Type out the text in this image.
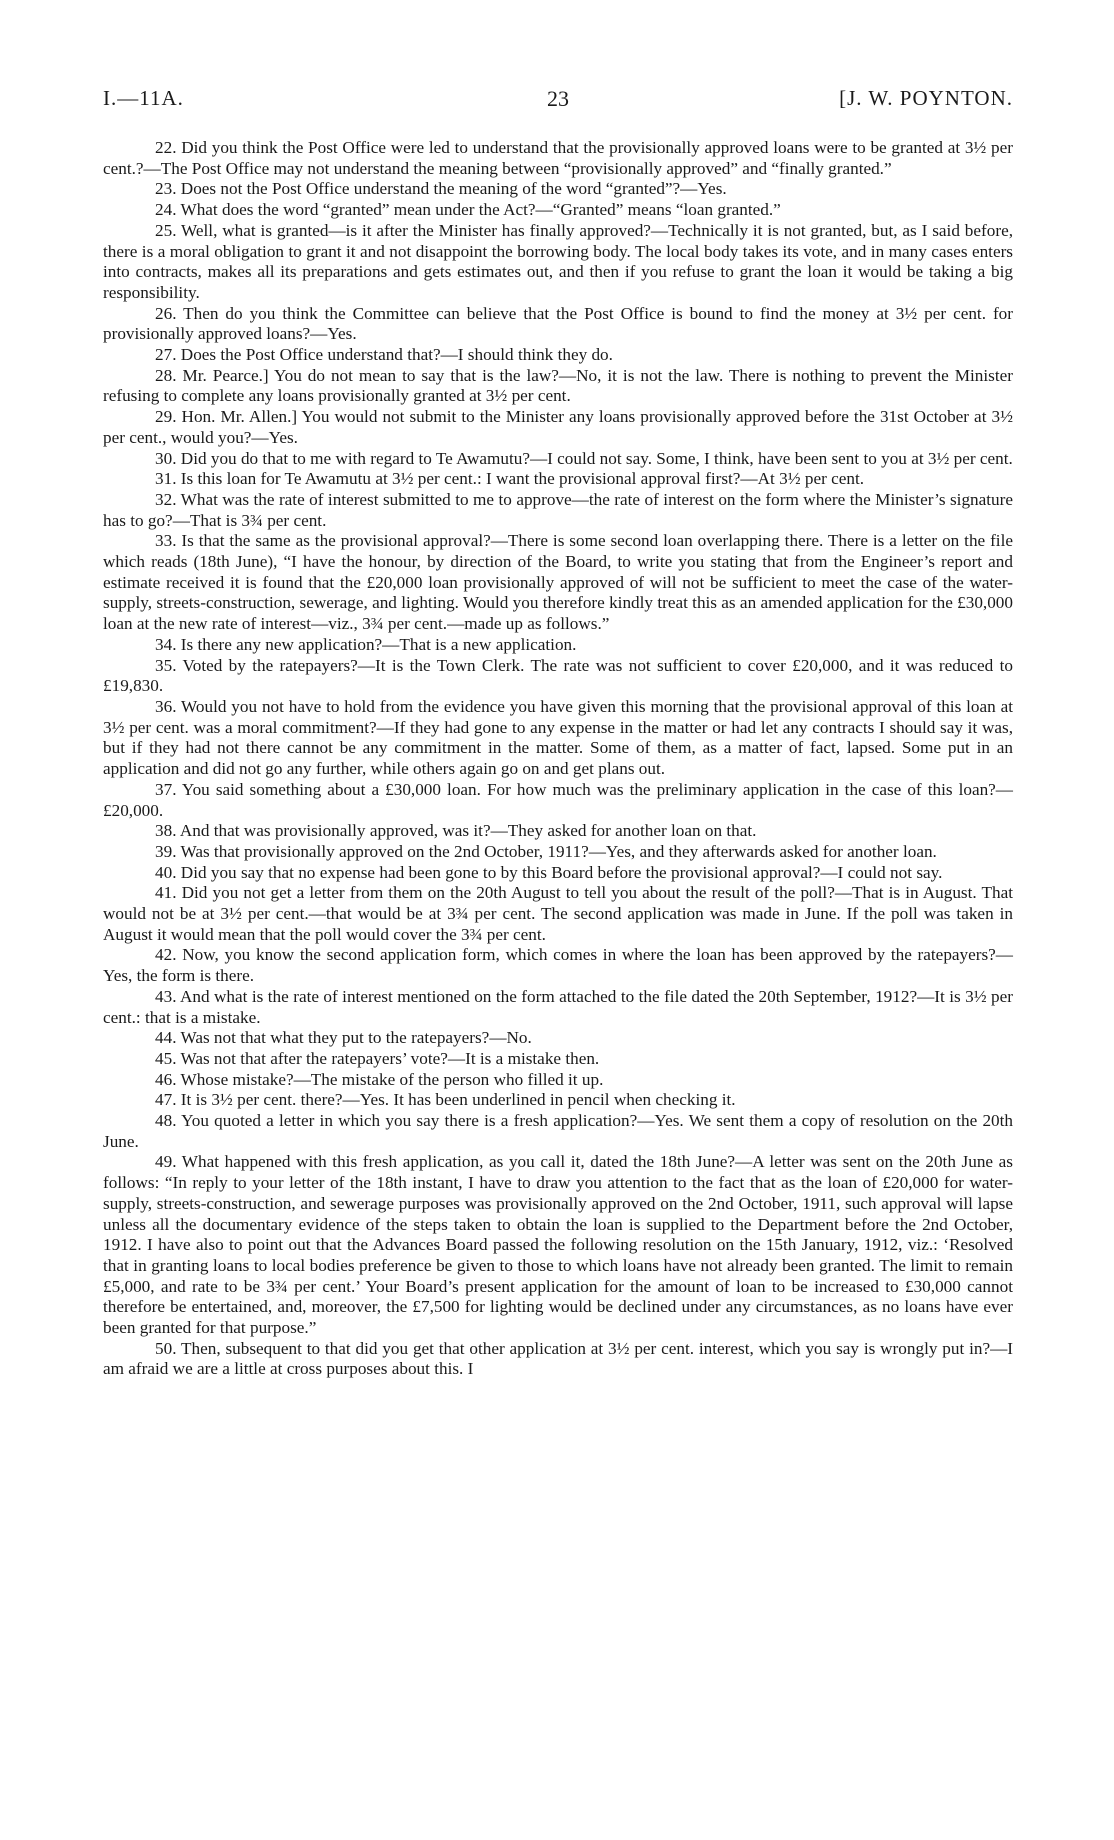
I.—11A.	23	[J. W. POYNTON.

22. Did you think the Post Office were led to understand that the provisionally approved loans were to be granted at 3½ per cent.?—The Post Office may not understand the meaning between “provisionally approved” and “finally granted.”

23. Does not the Post Office understand the meaning of the word “granted”?—Yes.

24. What does the word “granted” mean under the Act?—“Granted” means “loan granted.”

25. Well, what is granted—is it after the Minister has finally approved?—Technically it is not granted, but, as I said before, there is a moral obligation to grant it and not disappoint the borrowing body. The local body takes its vote, and in many cases enters into contracts, makes all its preparations and gets estimates out, and then if you refuse to grant the loan it would be taking a big responsibility.

26. Then do you think the Committee can believe that the Post Office is bound to find the money at 3½ per cent. for provisionally approved loans?—Yes.

27. Does the Post Office understand that?—I should think they do.

28. Mr. Pearce.] You do not mean to say that is the law?—No, it is not the law. There is nothing to prevent the Minister refusing to complete any loans provisionally granted at 3½ per cent.

29. Hon. Mr. Allen.] You would not submit to the Minister any loans provisionally approved before the 31st October at 3½ per cent., would you?—Yes.

30. Did you do that to me with regard to Te Awamutu?—I could not say. Some, I think, have been sent to you at 3½ per cent.

31. Is this loan for Te Awamutu at 3½ per cent.: I want the provisional approval first?—At 3½ per cent.

32. What was the rate of interest submitted to me to approve—the rate of interest on the form where the Minister’s signature has to go?—That is 3¾ per cent.

33. Is that the same as the provisional approval?—There is some second loan overlapping there. There is a letter on the file which reads (18th June), “I have the honour, by direction of the Board, to write you stating that from the Engineer’s report and estimate received it is found that the £20,000 loan provisionally approved of will not be sufficient to meet the case of the water-supply, streets-construction, sewerage, and lighting. Would you therefore kindly treat this as an amended application for the £30,000 loan at the new rate of interest—viz., 3¾ per cent.—made up as follows.”

34. Is there any new application?—That is a new application.

35. Voted by the ratepayers?—It is the Town Clerk. The rate was not sufficient to cover £20,000, and it was reduced to £19,830.

36. Would you not have to hold from the evidence you have given this morning that the provisional approval of this loan at 3½ per cent. was a moral commitment?—If they had gone to any expense in the matter or had let any contracts I should say it was, but if they had not there cannot be any commitment in the matter. Some of them, as a matter of fact, lapsed. Some put in an application and did not go any further, while others again go on and get plans out.

37. You said something about a £30,000 loan. For how much was the preliminary application in the case of this loan?—£20,000.

38. And that was provisionally approved, was it?—They asked for another loan on that.

39. Was that provisionally approved on the 2nd October, 1911?—Yes, and they afterwards asked for another loan.

40. Did you say that no expense had been gone to by this Board before the provisional approval?—I could not say.

41. Did you not get a letter from them on the 20th August to tell you about the result of the poll?—That is in August. That would not be at 3½ per cent.—that would be at 3¾ per cent. The second application was made in June. If the poll was taken in August it would mean that the poll would cover the 3¾ per cent.

42. Now, you know the second application form, which comes in where the loan has been approved by the ratepayers?—Yes, the form is there.

43. And what is the rate of interest mentioned on the form attached to the file dated the 20th September, 1912?—It is 3½ per cent.: that is a mistake.

44. Was not that what they put to the ratepayers?—No.

45. Was not that after the ratepayers’ vote?—It is a mistake then.

46. Whose mistake?—The mistake of the person who filled it up.

47. It is 3½ per cent. there?—Yes. It has been underlined in pencil when checking it.

48. You quoted a letter in which you say there is a fresh application?—Yes. We sent them a copy of resolution on the 20th June.

49. What happened with this fresh application, as you call it, dated the 18th June?—A letter was sent on the 20th June as follows: “In reply to your letter of the 18th instant, I have to draw you attention to the fact that as the loan of £20,000 for water-supply, streets-construction, and sewerage purposes was provisionally approved on the 2nd October, 1911, such approval will lapse unless all the documentary evidence of the steps taken to obtain the loan is supplied to the Department before the 2nd October, 1912. I have also to point out that the Advances Board passed the following resolution on the 15th January, 1912, viz.: ‘Resolved that in granting loans to local bodies preference be given to those to which loans have not already been granted. The limit to remain £5,000, and rate to be 3¾ per cent.’ Your Board’s present application for the amount of loan to be increased to £30,000 cannot therefore be entertained, and, moreover, the £7,500 for lighting would be declined under any circumstances, as no loans have ever been granted for that purpose.”

50. Then, subsequent to that did you get that other application at 3½ per cent. interest, which you say is wrongly put in?—I am afraid we are a little at cross purposes about this. I
